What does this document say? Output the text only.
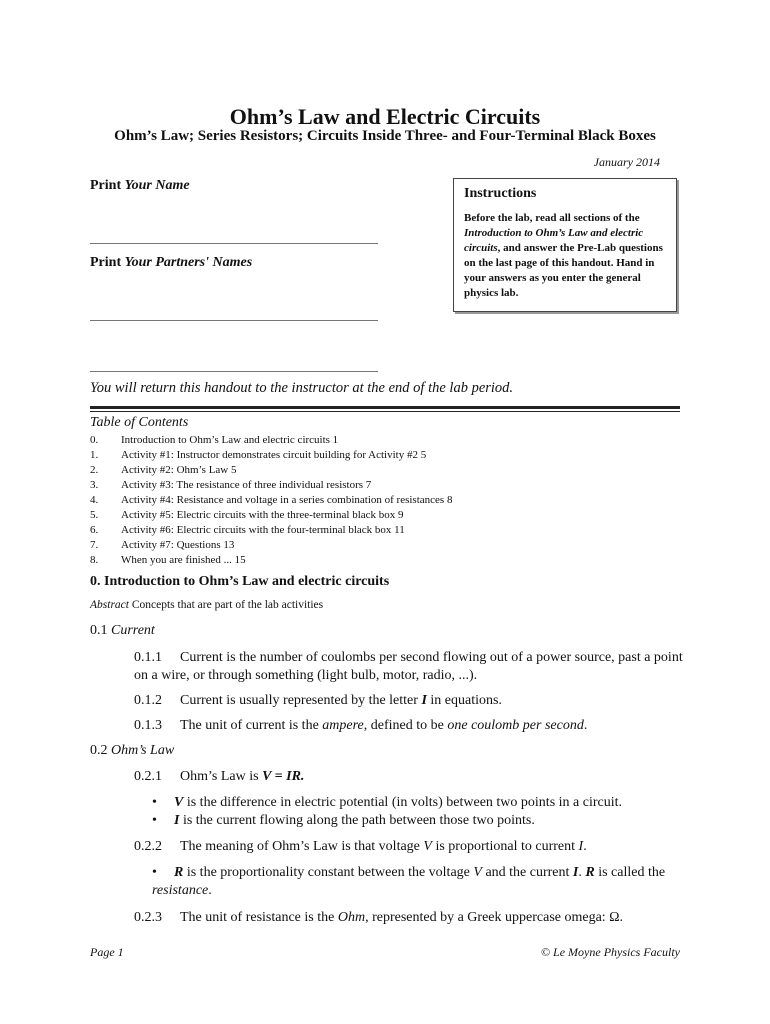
Ohm’s Law and Electric Circuits
Ohm’s Law; Series Resistors; Circuits Inside Three- and Four-Terminal Black Boxes
January 2014
Print Your Name
Print Your Partners' Names
Instructions
Before the lab, read all sections of the Introduction to Ohm’s Law and electric circuits, and answer the Pre-Lab questions on the last page of this handout. Hand in your answers as you enter the general physics lab.
You will return this handout to the instructor at the end of the lab period.
Table of Contents
0.	Introduction to Ohm’s Law and electric circuits 1
1.	Activity #1: Instructor demonstrates circuit building for Activity #2 5
2.	Activity #2: Ohm’s Law 5
3.	Activity #3: The resistance of three individual resistors 7
4.	Activity #4: Resistance and voltage in a series combination of resistances 8
5.	Activity #5: Electric circuits with the three-terminal black box 9
6.	Activity #6: Electric circuits with the four-terminal black box 11
7.	Activity #7: Questions 13
8.	When you are finished ... 15
0. Introduction to Ohm’s Law and electric circuits
Abstract Concepts that are part of the lab activities
0.1 Current
0.1.1 Current is the number of coulombs per second flowing out of a power source, past a point on a wire, or through something (light bulb, motor, radio, ...).
0.1.2 Current is usually represented by the letter I in equations.
0.1.3 The unit of current is the ampere, defined to be one coulomb per second.
0.2 Ohm’s Law
0.2.1 Ohm’s Law is V = IR.
• V is the difference in electric potential (in volts) between two points in a circuit.
• I is the current flowing along the path between those two points.
0.2.2 The meaning of Ohm’s Law is that voltage V is proportional to current I.
• R is the proportionality constant between the voltage V and the current I. R is called the resistance.
0.2.3 The unit of resistance is the Ohm, represented by a Greek uppercase omega: Ω.
Page 1	© Le Moyne Physics Faculty
